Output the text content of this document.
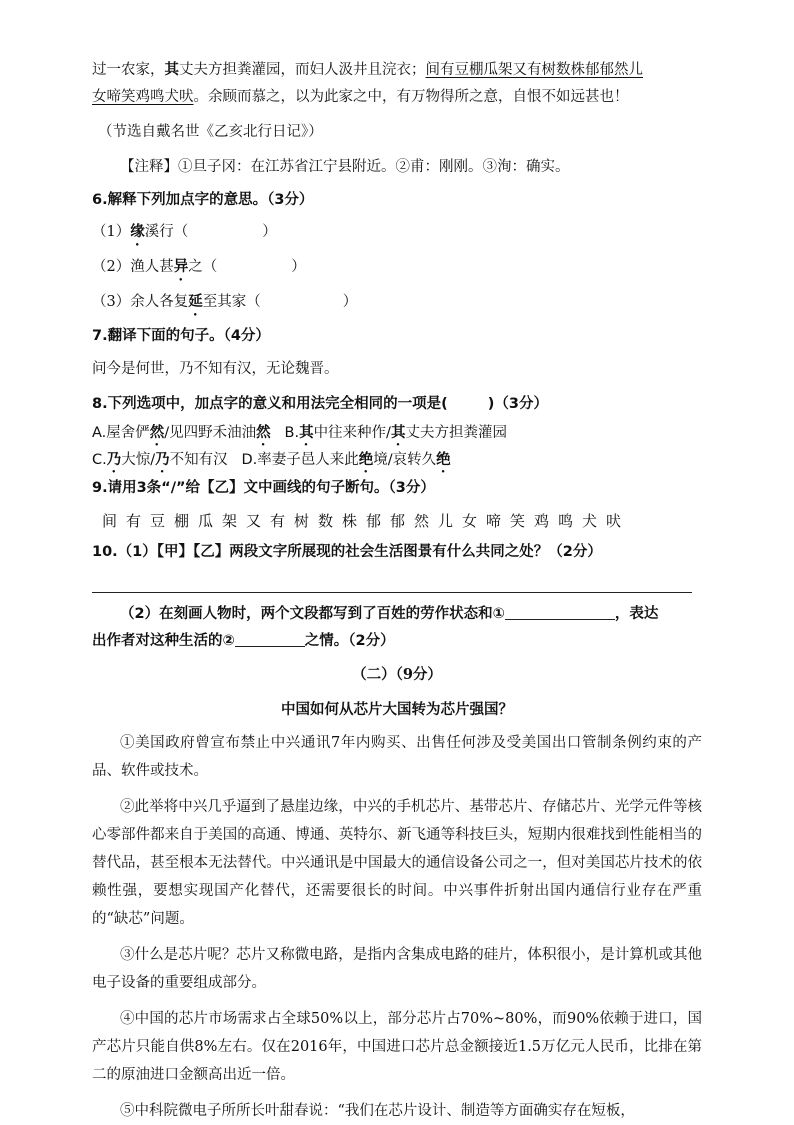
过一农家，其丈夫方担粪灌园，而妇人汲井且浣衣；间有豆棚瓜架又有树数株郁郁然儿

女啼笑鸡鸣犬吠。余顾而慕之，以为此家之中，有万物得所之意，自恨不如远甚也！

（节选自戴名世《乙亥北行日记》）

【注释】①旦子冈：在江苏省江宁县附近。②甫：刚刚。③洵：确实。

6.解释下列加点字的意思。（3分）

（1）缘溪行（	）

（2）渔人甚异之（	）

（3）余人各复延至其家（	）

7.翻译下面的句子。（4分）

问今是何世，乃不知有汉，无论魏晋。

8.下列选项中，加点字的意义和用法完全相同的一项是(	)（3分）

A.屋舍俨然/见四野禾油油然 B.其中往来种作/其丈夫方担粪灌园

C.乃大惊/乃不知有汉 D.率妻子邑人来此绝境/哀转久绝

9.请用3条“/”给【乙】文中画线的句子断句。（3分）

间有豆棚瓜架又有树数株郁郁然儿女啼笑鸡鸣犬吠

10.（1）【甲】【乙】两段文字所展现的社会生活图景有什么共同之处？（2分）

（2）在刻画人物时，两个文段都写到了百姓的劳作状态和①	，表达

出作者对这种生活的②	之情。（2分）

（二）（9分）

中国如何从芯片大国转为芯片强国？

①美国政府曾宣布禁止中兴通讯7年内购买、出售任何涉及受美国出口管制条例约束的产品、软件或技术。

②此举将中兴几乎逼到了悬崖边缘，中兴的手机芯片、基带芯片、存储芯片、光学元件等核心零部件都来自于美国的高通、博通、英特尔、新飞通等科技巨头，短期内很难找到性能相当的替代品，甚至根本无法替代。中兴通讯是中国最大的通信设备公司之一，但对美国芯片技术的依赖性强，要想实现国产化替代，还需要很长的时间。中兴事件折射出国内通信行业存在严重的“缺芯”问题。

③什么是芯片呢？芯片又称微电路，是指内含集成电路的硅片，体积很小，是计算机或其他电子设备的重要组成部分。

④中国的芯片市场需求占全球50%以上，部分芯片占70%~80%，而90%依赖于进口，国产芯片只能自供8%左右。仅在2016年，中国进口芯片总金额接近1.5万亿元人民币，比排在第二的原油进口金额高出近一倍。

⑤中科院微电子所所长叶甜春说：“我们在芯片设计、制造等方面确实存在短板，
